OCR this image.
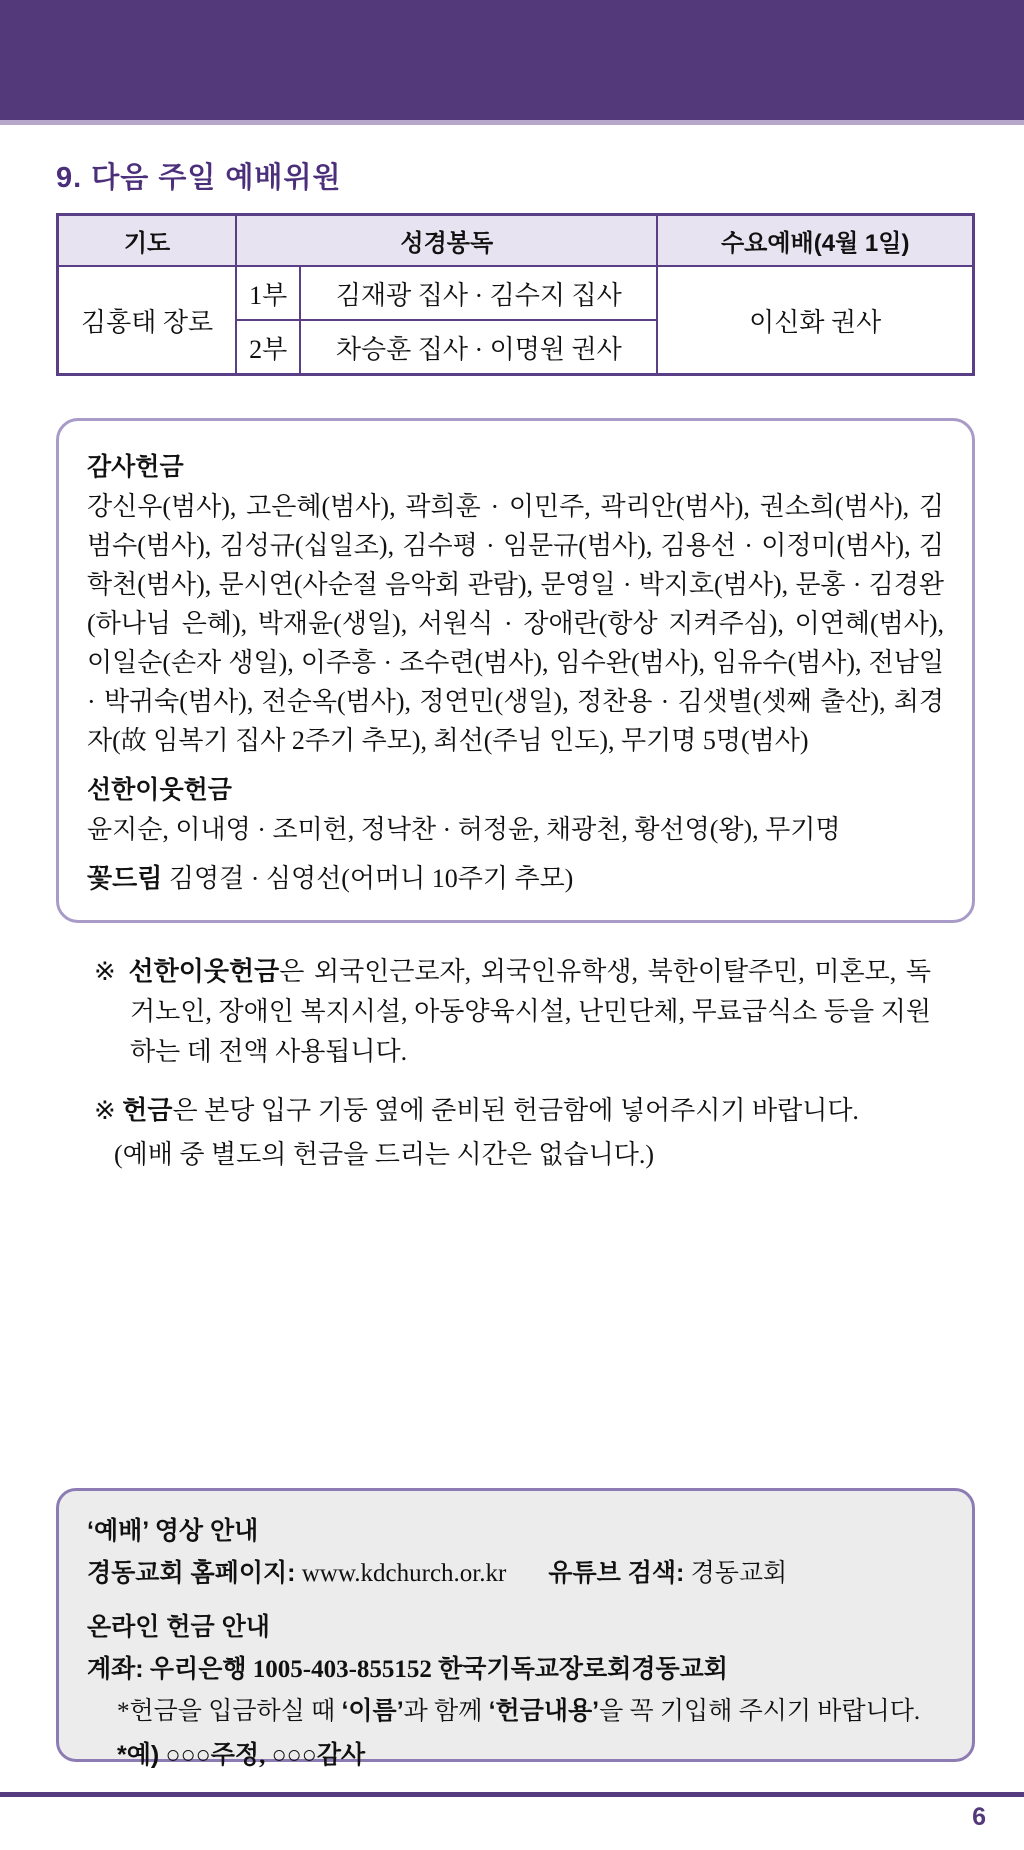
9. 다음 주일 예배위원
기도	성경봉독		수요예배(4월 1일)
김홍태 장로	1부	김재광 집사 · 김수지 집사	이신화 권사
	2부	차승훈 집사 · 이명원 권사	
감사헌금
강신우(범사), 고은혜(범사), 곽희훈 · 이민주, 곽리안(범사), 권소희(범사), 김범수(범사), 김성규(십일조), 김수평 · 임문규(범사), 김용선 · 이정미(범사), 김학천(범사), 문시연(사순절 음악회 관람), 문영일 · 박지호(범사), 문홍 · 김경완(하나님 은혜), 박재윤(생일), 서원식 · 장애란(항상 지켜주심), 이연혜(범사), 이일순(손자 생일), 이주흥 · 조수련(범사), 임수완(범사), 임유수(범사), 전남일 · 박귀숙(범사), 전순옥(범사), 정연민(생일), 정찬용 · 김샛별(셋째 출산), 최경자(故 임복기 집사 2주기 추모), 최선(주님 인도), 무기명 5명(범사)
선한이웃헌금
윤지순, 이내영 · 조미헌, 정낙찬 · 허정윤, 채광천, 황선영(왕), 무기명
꽃드림 김영걸 · 심영선(어머니 10주기 추모)
※ 선한이웃헌금은 외국인근로자, 외국인유학생, 북한이탈주민, 미혼모, 독거노인, 장애인 복지시설, 아동양육시설, 난민단체, 무료급식소 등을 지원하는 데 전액 사용됩니다.
※ 헌금은 본당 입구 기둥 옆에 준비된 헌금함에 넣어주시기 바랍니다.
(예배 중 별도의 헌금을 드리는 시간은 없습니다.)
‘예배’ 영상 안내
경동교회 홈페이지: www.kdchurch.or.kr 유튜브 검색: 경동교회
온라인 헌금 안내
계좌: 우리은행 1005-403-855152 한국기독교장로회경동교회
*헌금을 입금하실 때 ‘이름’과 함께 ‘헌금내용’을 꼭 기입해 주시기 바랍니다.
*예) ○○○주정, ○○○감사
6
